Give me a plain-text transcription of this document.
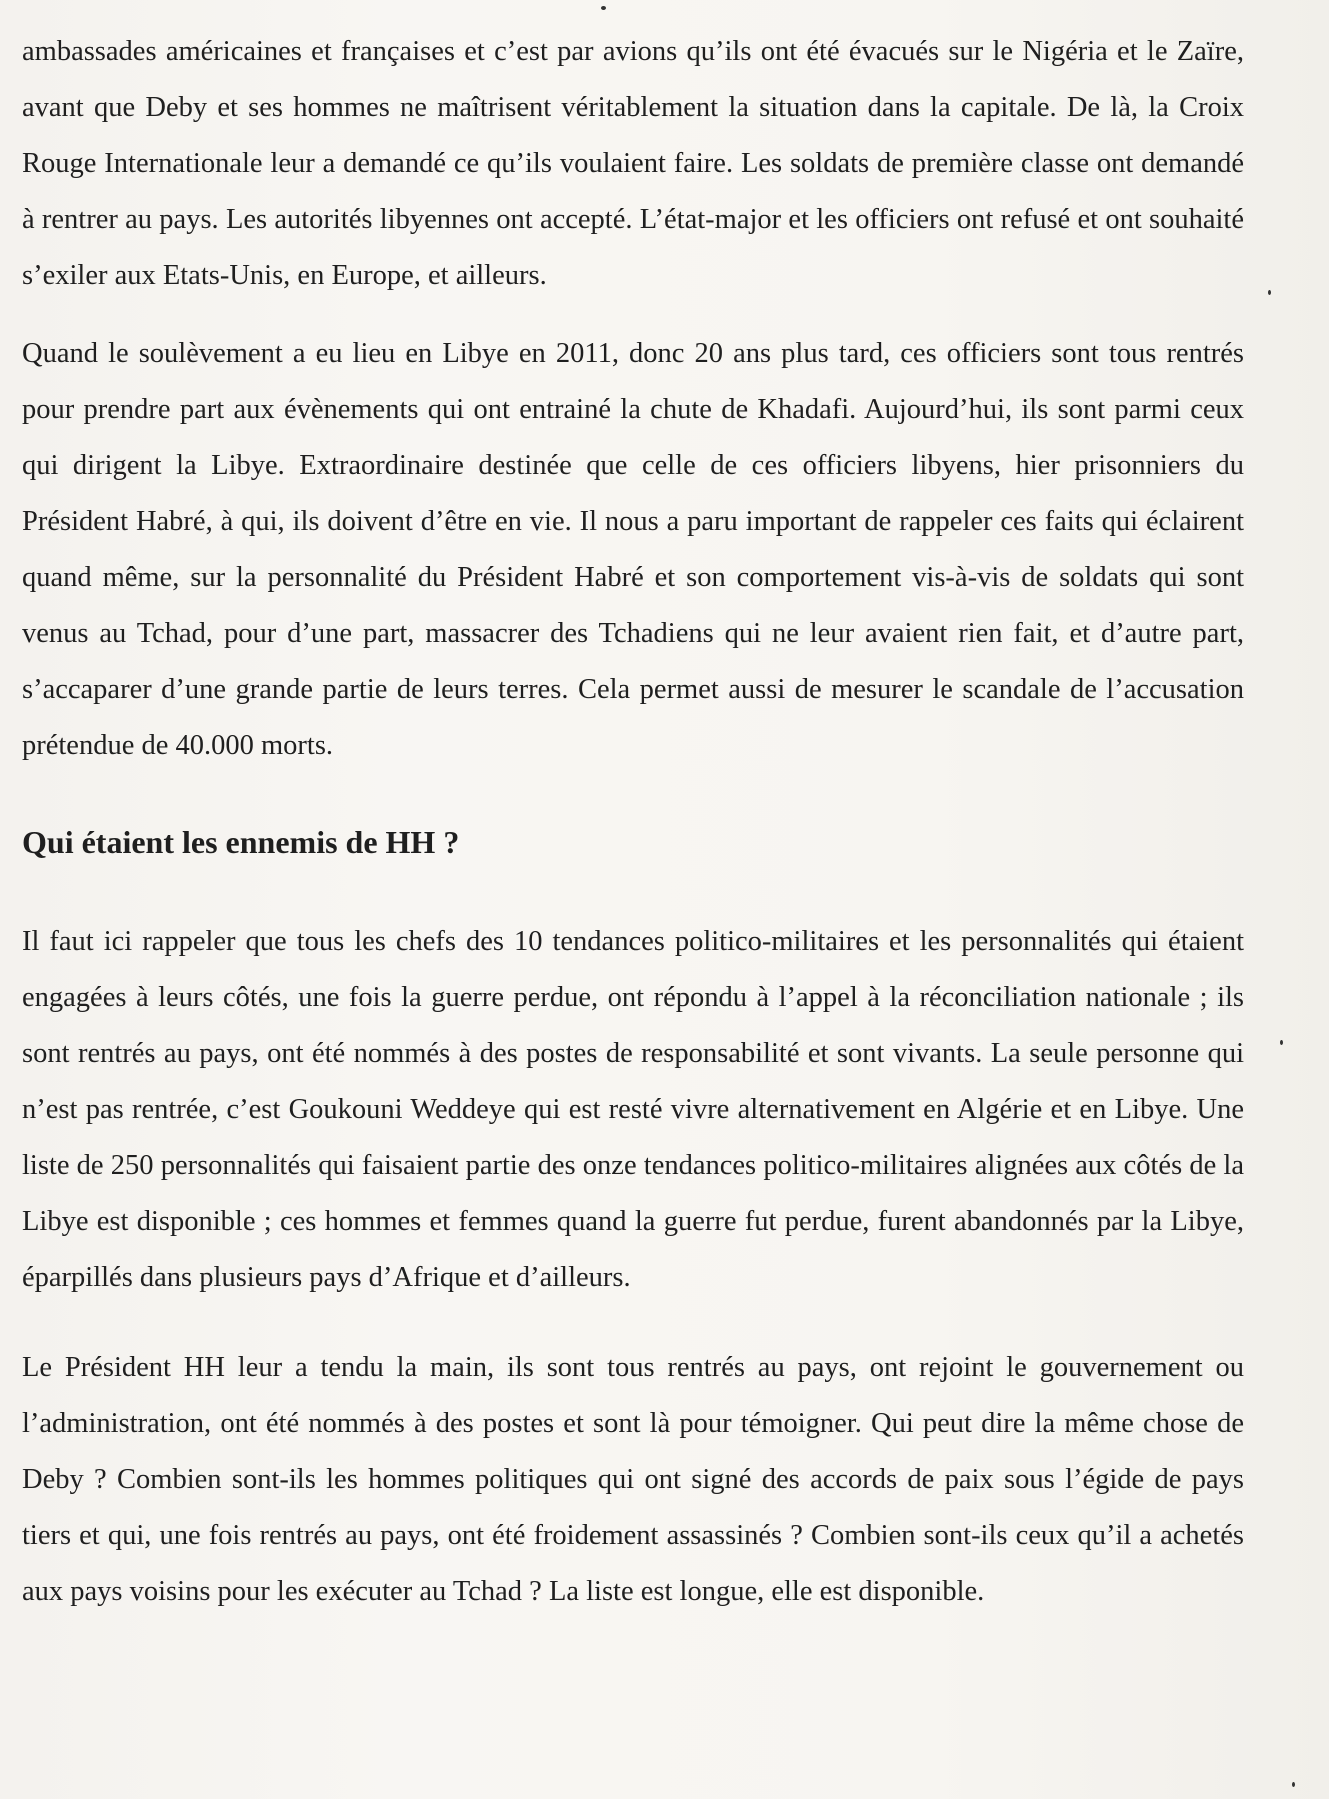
ambassades américaines et françaises et c’est par avions qu’ils ont été évacués sur le Nigéria et le Zaïre, avant que Deby et ses hommes ne maîtrisent véritablement la situation dans la capitale. De là, la Croix Rouge Internationale leur a demandé ce qu’ils voulaient faire. Les soldats de première classe ont demandé à rentrer au pays. Les autorités libyennes ont accepté. L’état-major et les officiers ont refusé et ont souhaité s’exiler aux Etats-Unis, en Europe, et ailleurs.

Quand le soulèvement a eu lieu en Libye en 2011, donc 20 ans plus tard, ces officiers sont tous rentrés pour prendre part aux évènements qui ont entrainé la chute de Khadafi. Aujourd’hui, ils sont parmi ceux qui dirigent la Libye. Extraordinaire destinée que celle de ces officiers libyens, hier prisonniers du Président Habré, à qui, ils doivent d’être en vie. Il nous a paru important de rappeler ces faits qui éclairent quand même, sur la personnalité du Président Habré et son comportement vis-à-vis de soldats qui sont venus au Tchad, pour d’une part, massacrer des Tchadiens qui ne leur avaient rien fait, et d’autre part, s’accaparer d’une grande partie de leurs terres. Cela permet aussi de mesurer le scandale de l’accusation prétendue de 40.000 morts.

Qui étaient les ennemis de HH ?

Il faut ici rappeler que tous les chefs des 10 tendances politico-militaires et les personnalités qui étaient engagées à leurs côtés, une fois la guerre perdue, ont répondu à l’appel à la réconciliation nationale ; ils sont rentrés au pays, ont été nommés à des postes de responsabilité et sont vivants. La seule personne qui n’est pas rentrée, c’est Goukouni Weddeye qui est resté vivre alternativement en Algérie et en Libye. Une liste de 250 personnalités qui faisaient partie des onze tendances politico-militaires alignées aux côtés de la Libye est disponible ; ces hommes et femmes quand la guerre fut perdue, furent abandonnés par la Libye, éparpillés dans plusieurs pays d’Afrique et d’ailleurs.

Le Président HH leur a tendu la main, ils sont tous rentrés au pays, ont rejoint le gouvernement ou l’administration, ont été nommés à des postes et sont là pour témoigner. Qui peut dire la même chose de Deby ? Combien sont-ils les hommes politiques qui ont signé des accords de paix sous l’égide de pays tiers et qui, une fois rentrés au pays, ont été froidement assassinés ? Combien sont-ils ceux qu’il a achetés aux pays voisins pour les exécuter au Tchad ? La liste est longue, elle est disponible.
